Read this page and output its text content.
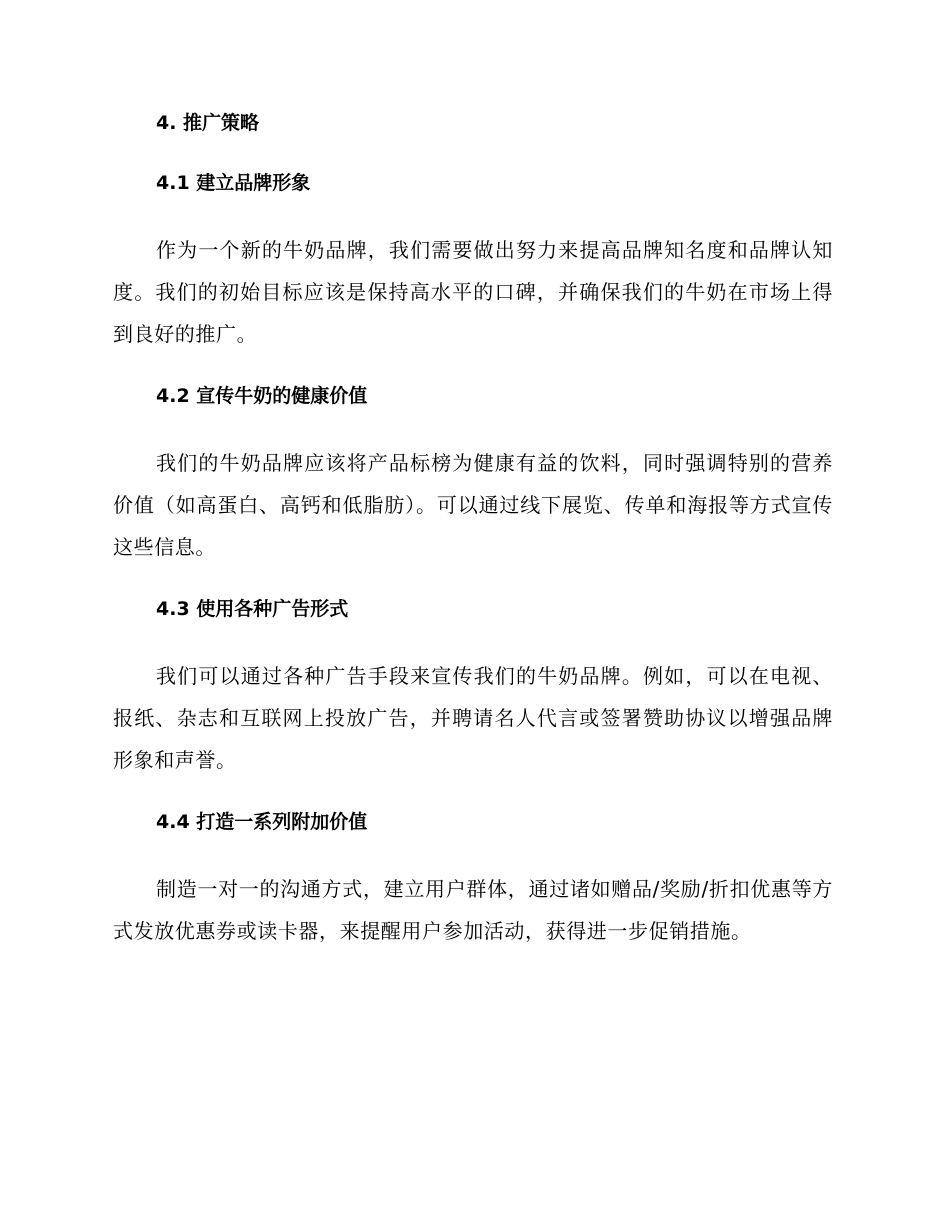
4. 推广策略
4.1 建立品牌形象

作为一个新的牛奶品牌，我们需要做出努力来提高品牌知名度和品牌认知度。我们的初始目标应该是保持高水平的口碑，并确保我们的牛奶在市场上得到良好的推广。

4.2 宣传牛奶的健康价值

我们的牛奶品牌应该将产品标榜为健康有益的饮料，同时强调特别的营养价值（如高蛋白、高钙和低脂肪）。可以通过线下展览、传单和海报等方式宣传这些信息。

4.3 使用各种广告形式

我们可以通过各种广告手段来宣传我们的牛奶品牌。例如，可以在电视、报纸、杂志和互联网上投放广告，并聘请名人代言或签署赞助协议以增强品牌形象和声誉。

4.4 打造一系列附加价值

制造一对一的沟通方式，建立用户群体，通过诸如赠品/奖励/折扣优惠等方式发放优惠券或读卡器，来提醒用户参加活动，获得进一步促销措施。
